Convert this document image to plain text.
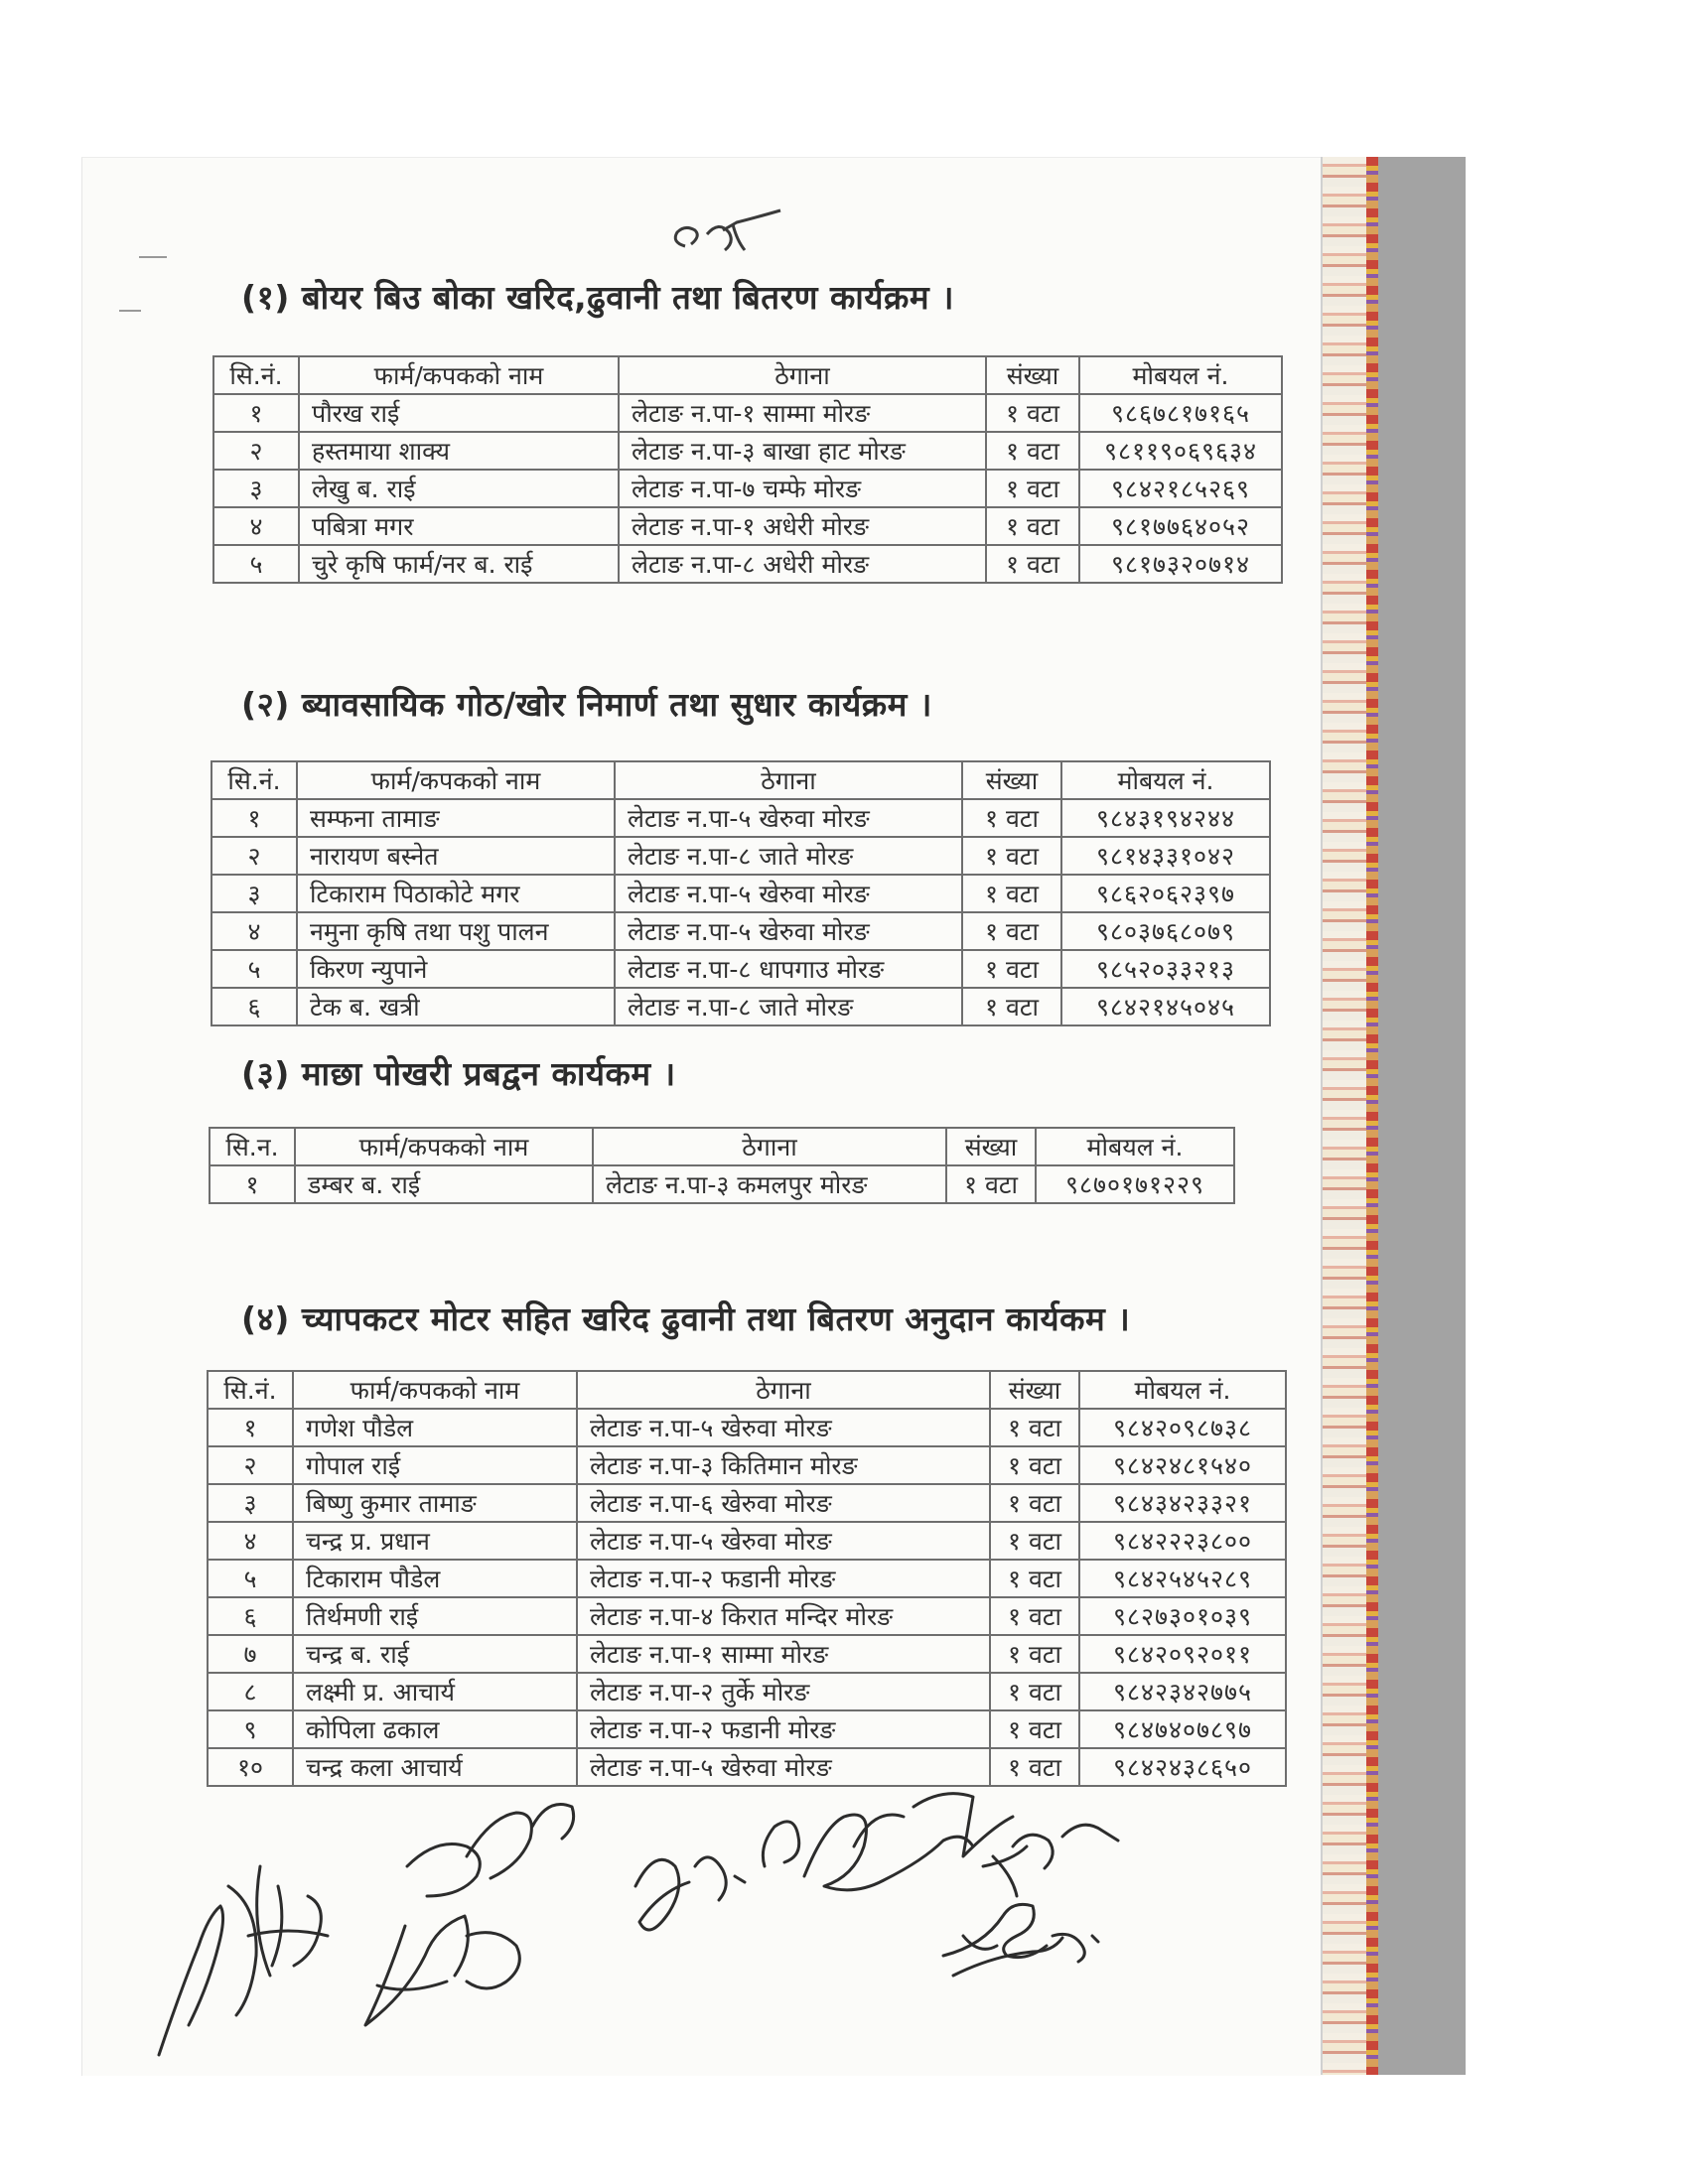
(१) बोयर बिउ बोका खरिद,ढुवानी तथा बितरण कार्यक्रम ।
सि.नं.	फार्म/कपकको नाम	ठेगाना	संख्या	मोबयल नं.
१	पौरख राई	लेटाङ न.पा-१ साम्मा मोरङ	१ वटा	९८६७८१७१६५
२	हस्तमाया शाक्य	लेटाङ न.पा-३ बाखा हाट मोरङ	१ वटा	९८११९०६९६३४
३	लेखु ब. राई	लेटाङ न.पा-७ चम्फे मोरङ	१ वटा	९८४२१८५२६९
४	पबित्रा मगर	लेटाङ न.पा-१ अधेरी मोरङ	१ वटा	९८१७७६४०५२
५	चुरे कृषि फार्म/नर ब. राई	लेटाङ न.पा-८ अधेरी मोरङ	१ वटा	९८१७३२०७१४
(२) ब्यावसायिक गोठ/खोर निमार्ण तथा सुधार कार्यक्रम ।
सि.नं.	फार्म/कपकको नाम	ठेगाना	संख्या	मोबयल नं.
१	सम्फना तामाङ	लेटाङ न.पा-५ खेरुवा मोरङ	१ वटा	९८४३१९४२४४
२	नारायण बस्नेत	लेटाङ न.पा-८ जाते मोरङ	१ वटा	९८१४३३१०४२
३	टिकाराम पिठाकोटे मगर	लेटाङ न.पा-५ खेरुवा मोरङ	१ वटा	९८६२०६२३९७
४	नमुना कृषि तथा पशु पालन	लेटाङ न.पा-५ खेरुवा मोरङ	१ वटा	९८०३७६८०७९
५	किरण न्युपाने	लेटाङ न.पा-८ धापगाउ मोरङ	१ वटा	९८५२०३३२१३
६	टेक ब. खत्री	लेटाङ न.पा-८ जाते मोरङ	१ वटा	९८४२१४५०४५
(३) माछा पोखरी प्रबद्वन कार्यकम ।
सि.न.	फार्म/कपकको नाम	ठेगाना	संख्या	मोबयल नं.
१	डम्बर ब. राई	लेटाङ न.पा-३ कमलपुर मोरङ	१ वटा	९८७०१७१२२९
(४) च्यापकटर मोटर सहित खरिद ढुवानी तथा बितरण अनुदान कार्यकम ।
सि.नं.	फार्म/कपकको नाम	ठेगाना	संख्या	मोबयल नं.
१	गणेश पौडेल	लेटाङ न.पा-५ खेरुवा मोरङ	१ वटा	९८४२०९८७३८
२	गोपाल राई	लेटाङ न.पा-३ कितिमान मोरङ	१ वटा	९८४२४८१५४०
३	बिष्णु कुमार तामाङ	लेटाङ न.पा-६ खेरुवा मोरङ	१ वटा	९८४३४२३३२१
४	चन्द्र प्र. प्रधान	लेटाङ न.पा-५ खेरुवा मोरङ	१ वटा	९८४२२२३८००
५	टिकाराम पौडेल	लेटाङ न.पा-२ फडानी मोरङ	१ वटा	९८४२५४५२८९
६	तिर्थमणी राई	लेटाङ न.पा-४ किरात मन्दिर मोरङ	१ वटा	९८२७३०१०३९
७	चन्द्र ब. राई	लेटाङ न.पा-१ साम्मा मोरङ	१ वटा	९८४२०९२०११
८	लक्ष्मी प्र. आचार्य	लेटाङ न.पा-२ तुर्के मोरङ	१ वटा	९८४२३४२७७५
९	कोपिला ढकाल	लेटाङ न.पा-२ फडानी मोरङ	१ वटा	९८४७४०७८९७
१०	चन्द्र कला आचार्य	लेटाङ न.पा-५ खेरुवा मोरङ	१ वटा	९८४२४३८६५०
